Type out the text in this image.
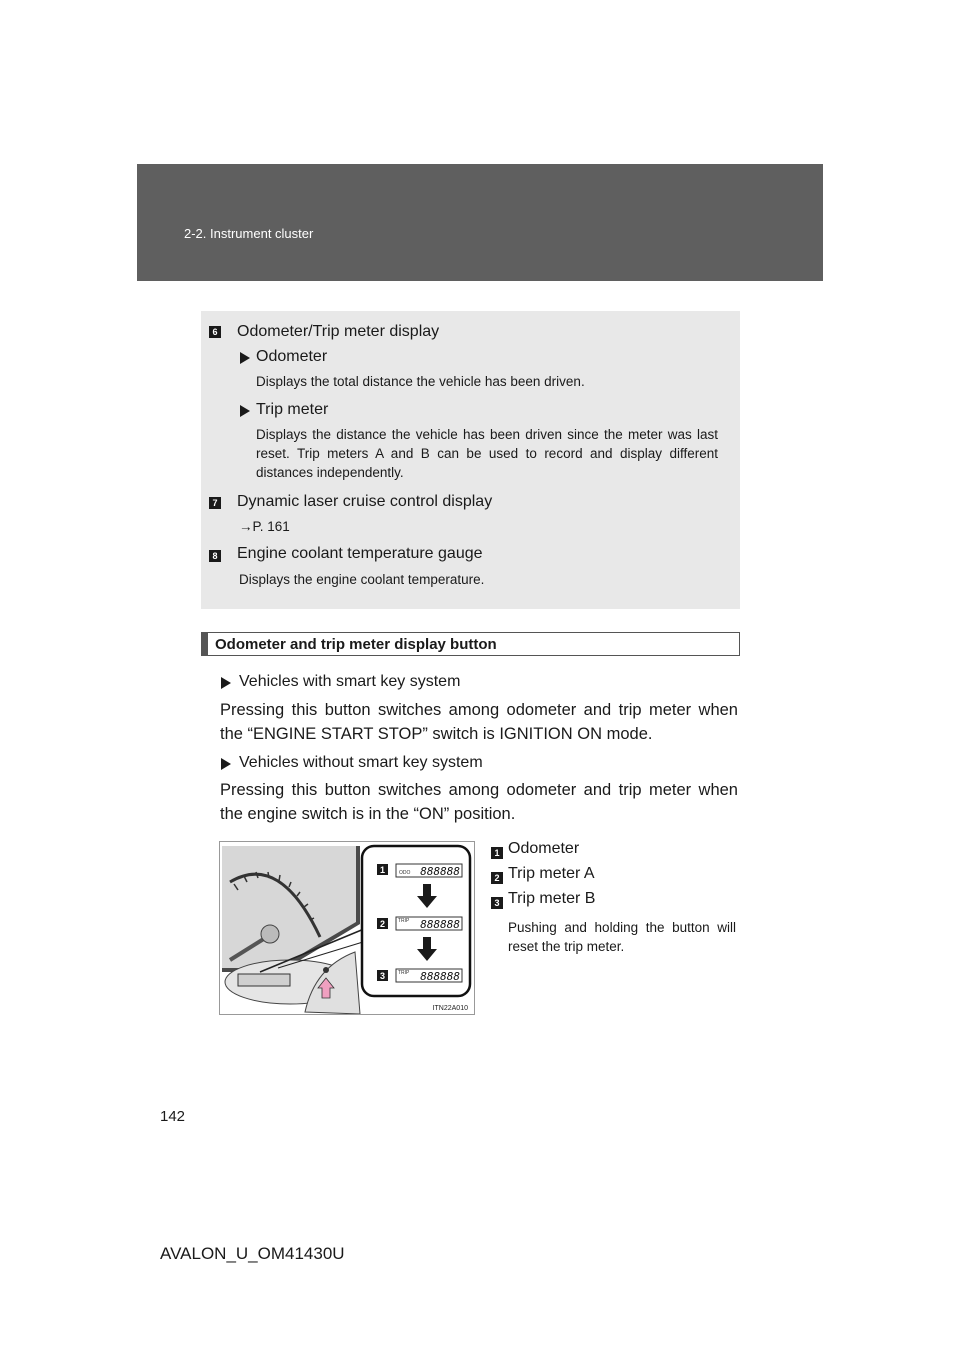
2-2. Instrument cluster
6 Odometer/Trip meter display
Odometer
Displays the total distance the vehicle has been driven.
Trip meter
Displays the distance the vehicle has been driven since the meter was last reset. Trip meters A and B can be used to record and display different distances independently.
7 Dynamic laser cruise control display
→P. 161
8 Engine coolant temperature gauge
Displays the engine coolant temperature.
Odometer and trip meter display button
Vehicles with smart key system
Pressing this button switches among odometer and trip meter when the “ENGINE START STOP” switch is IGNITION ON mode.
Vehicles without smart key system
Pressing this button switches among odometer and trip meter when the engine switch is in the “ON” position.
1
2
3
ODO 888888
TRIP 888888
TRIP 888888
ITN22A010
1 Odometer
2 Trip meter A
3 Trip meter B
Pushing and holding the button will reset the trip meter.
142
AVALON_U_OM41430U
